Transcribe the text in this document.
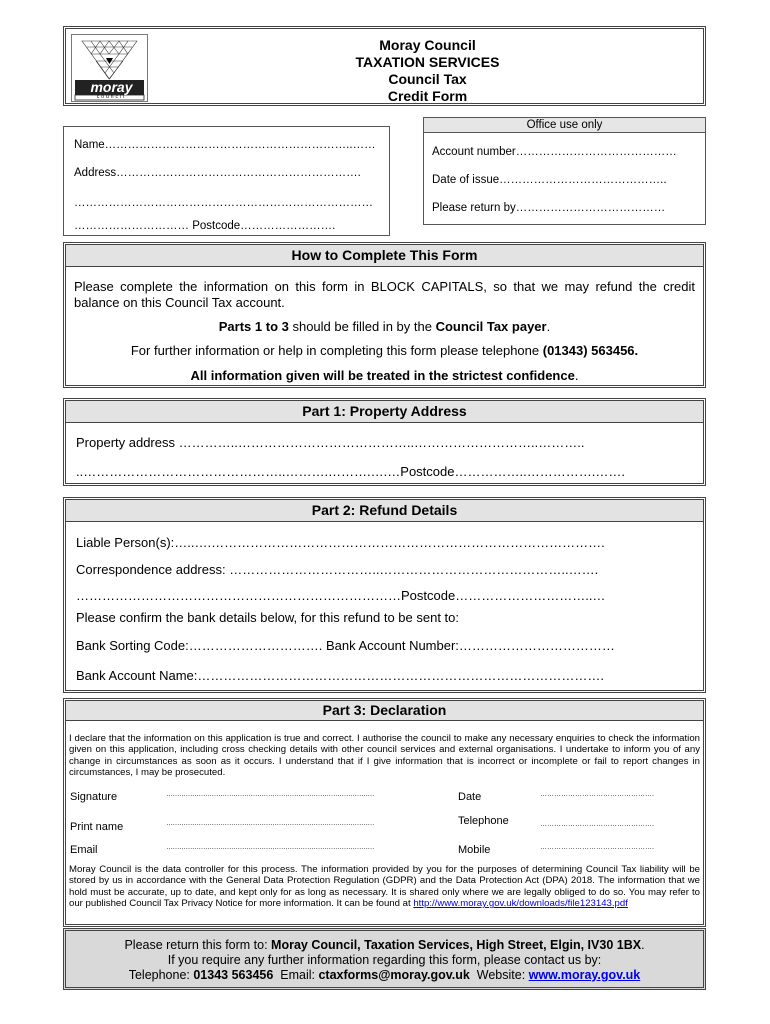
moray
council
Moray Council
TAXATION SERVICES
Council Tax
Credit Form
Name………………………………………………………..……
Address……………………………………………………….
……………………………………………………………………
………………………… Postcode…………………….
Office use only
Account number……………………………………
Date of issue……………………………………..
Please return by…………………………………
How to Complete This Form

Please complete the information on this form in BLOCK CAPITALS, so that we may refund the credit balance on this Council Tax account.

Parts 1 to 3 should be filled in by the Council Tax payer.

For further information or help in completing this form please telephone (01343) 563456.

All information given will be treated in the strictest confidence.

Part 1: Property Address
Property address …………..…………………………………..………………………..………..
..………………………………………..……….……….….…Postcode……………..…………….…….
Part 2: Refund Details
Liable Person(s):…..….……………………………………………………………………………….
Correspondence address: ……………………………..……………………………………..…….
…………………………………………………………………Postcode…………………………..…
Please confirm the bank details below, for this refund to be sent to:
Bank Sorting Code:…………………………. Bank Account Number:………………………………
Bank Account Name:………………………………………………………………………………….
Part 3: Declaration

I declare that the information on this application is true and correct. I authorise the council to make any necessary enquiries to check the information given on this application, including cross checking details with other council services and external organisations. I undertake to inform you of any change in circumstances as soon as it occurs. I understand that if I give information that is incorrect or incomplete or fail to report changes in circumstances, I may be prosecuted.

Signature	……………………………………………………………………………………	Date	………………………………………….
Print name	……………………………………………………………………………………	Telephone	………………………………………….
Email	……………………………………………………………………………………	Mobile	………………………………………….

Moray Council is the data controller for this process. The information provided by you for the purposes of determining Council Tax liability will be stored by us in accordance with the General Data Protection Regulation (GDPR) and the Data Protection Act (DPA) 2018. The information that we hold must be accurate, up to date, and kept only for as long as necessary. It is shared only where we are legally obliged to do so. You may refer to our published Council Tax Privacy Notice for more information. It can be found at http://www.moray.gov.uk/downloads/file123143.pdf

Please return this form to: Moray Council, Taxation Services, High Street, Elgin, IV30 1BX.
If you require any further information regarding this form, please contact us by:
Telephone: 01343 563456  Email: ctaxforms@moray.gov.uk  Website: www.moray.gov.uk
